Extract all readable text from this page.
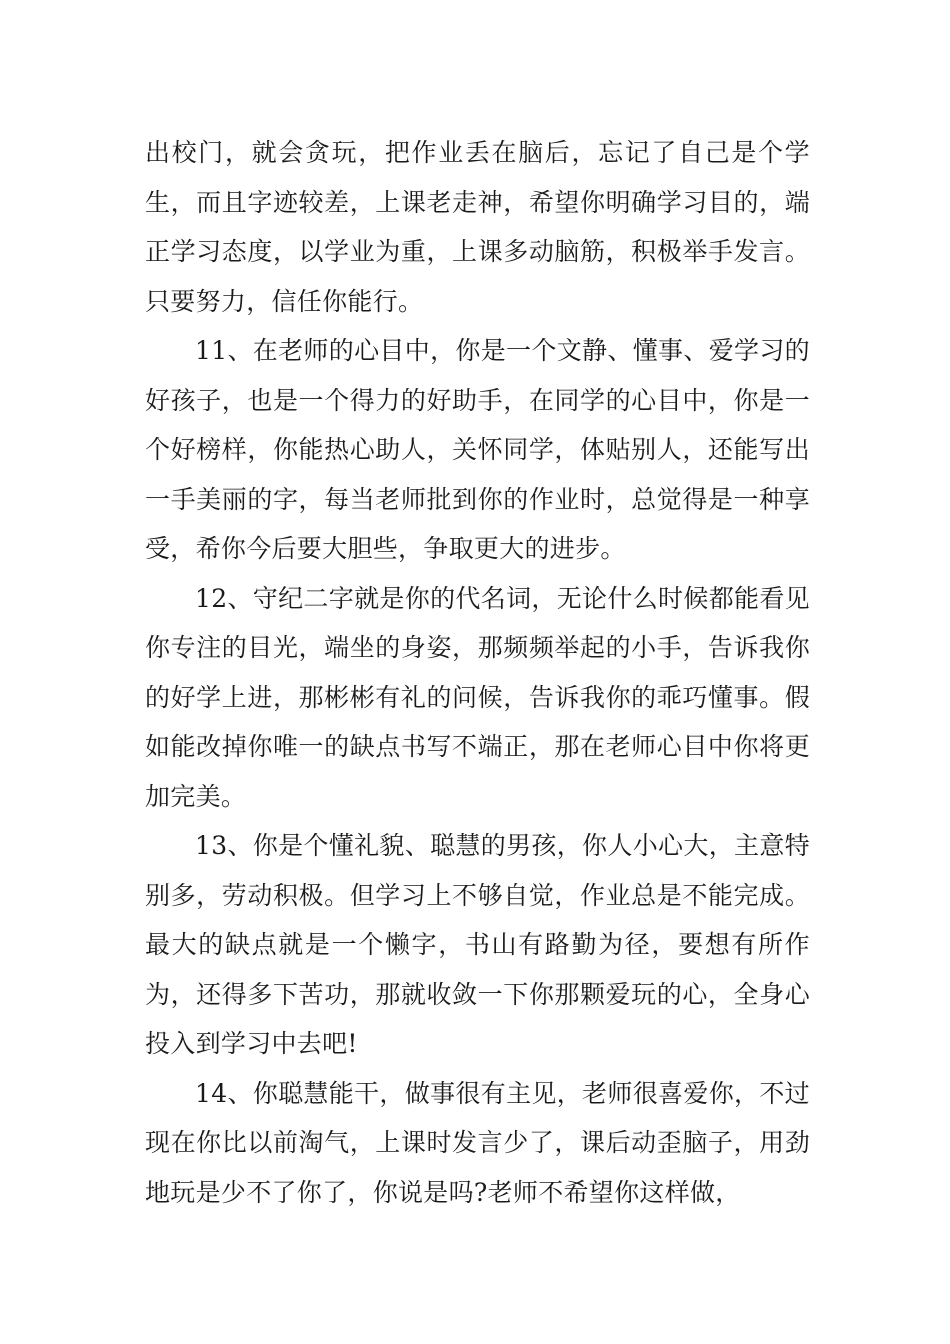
出校门，就会贪玩，把作业丢在脑后，忘记了自己是个学生，而且字迹较差，上课老走神，希望你明确学习目的，端正学习态度，以学业为重，上课多动脑筋，积极举手发言。只要努力，信任你能行。

11、在老师的心目中，你是一个文静、懂事、爱学习的好孩子，也是一个得力的好助手，在同学的心目中，你是一个好榜样，你能热心助人，关怀同学，体贴别人，还能写出一手美丽的字，每当老师批到你的作业时，总觉得是一种享受，希你今后要大胆些，争取更大的进步。

12、守纪二字就是你的代名词，无论什么时候都能看见你专注的目光，端坐的身姿，那频频举起的小手，告诉我你的好学上进，那彬彬有礼的问候，告诉我你的乖巧懂事。假如能改掉你唯一的缺点书写不端正，那在老师心目中你将更加完美。

13、你是个懂礼貌、聪慧的男孩，你人小心大，主意特别多，劳动积极。但学习上不够自觉，作业总是不能完成。最大的缺点就是一个懒字，书山有路勤为径，要想有所作为，还得多下苦功，那就收敛一下你那颗爱玩的心，全身心投入到学习中去吧!

14、你聪慧能干，做事很有主见，老师很喜爱你，不过现在你比以前淘气，上课时发言少了，课后动歪脑子，用劲地玩是少不了你了，你说是吗?老师不希望你这样做，
